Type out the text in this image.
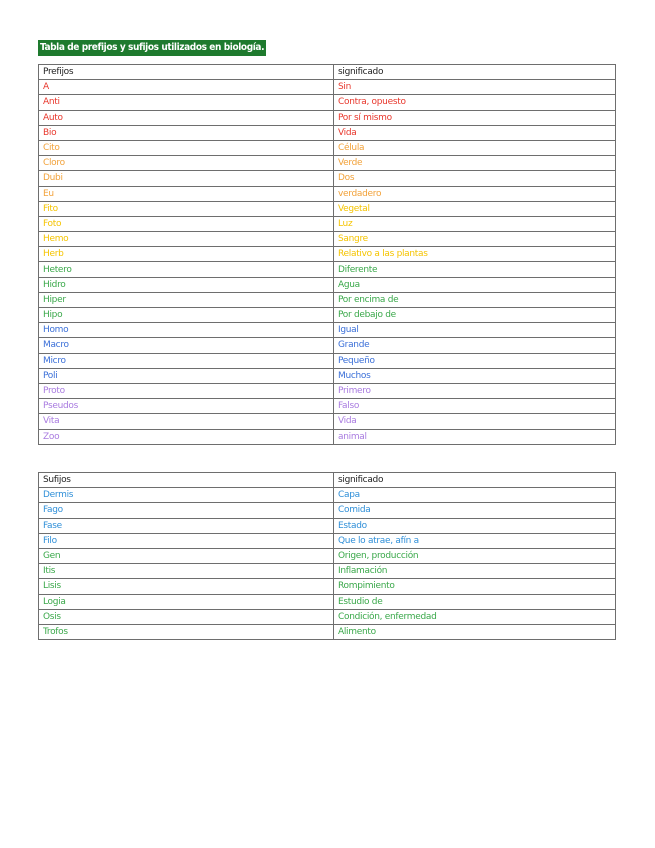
Tabla de prefijos y sufijos utilizados en biología.
Prefijos	significado
A	Sin
Anti	Contra, opuesto
Auto	Por sí mismo
Bio	Vida
Cito	Célula
Cloro	Verde
Dubi	Dos
Eu	verdadero
Fito	Vegetal
Foto	Luz
Hemo	Sangre
Herb	Relativo a las plantas
Hetero	Diferente
Hidro	Agua
Hiper	Por encima de
Hipo	Por debajo de
Homo	Igual
Macro	Grande
Micro	Pequeño
Poli	Muchos
Proto	Primero
Pseudos	Falso
Vita	Vida
Zoo	animal
Sufijos	significado
Dermis	Capa
Fago	Comida
Fase	Estado
Filo	Que lo atrae, afín a
Gen	Origen, producción
Itis	Inflamación
Lisis	Rompimiento
Logia	Estudio de
Osis	Condición, enfermedad
Trofos	Alimento
